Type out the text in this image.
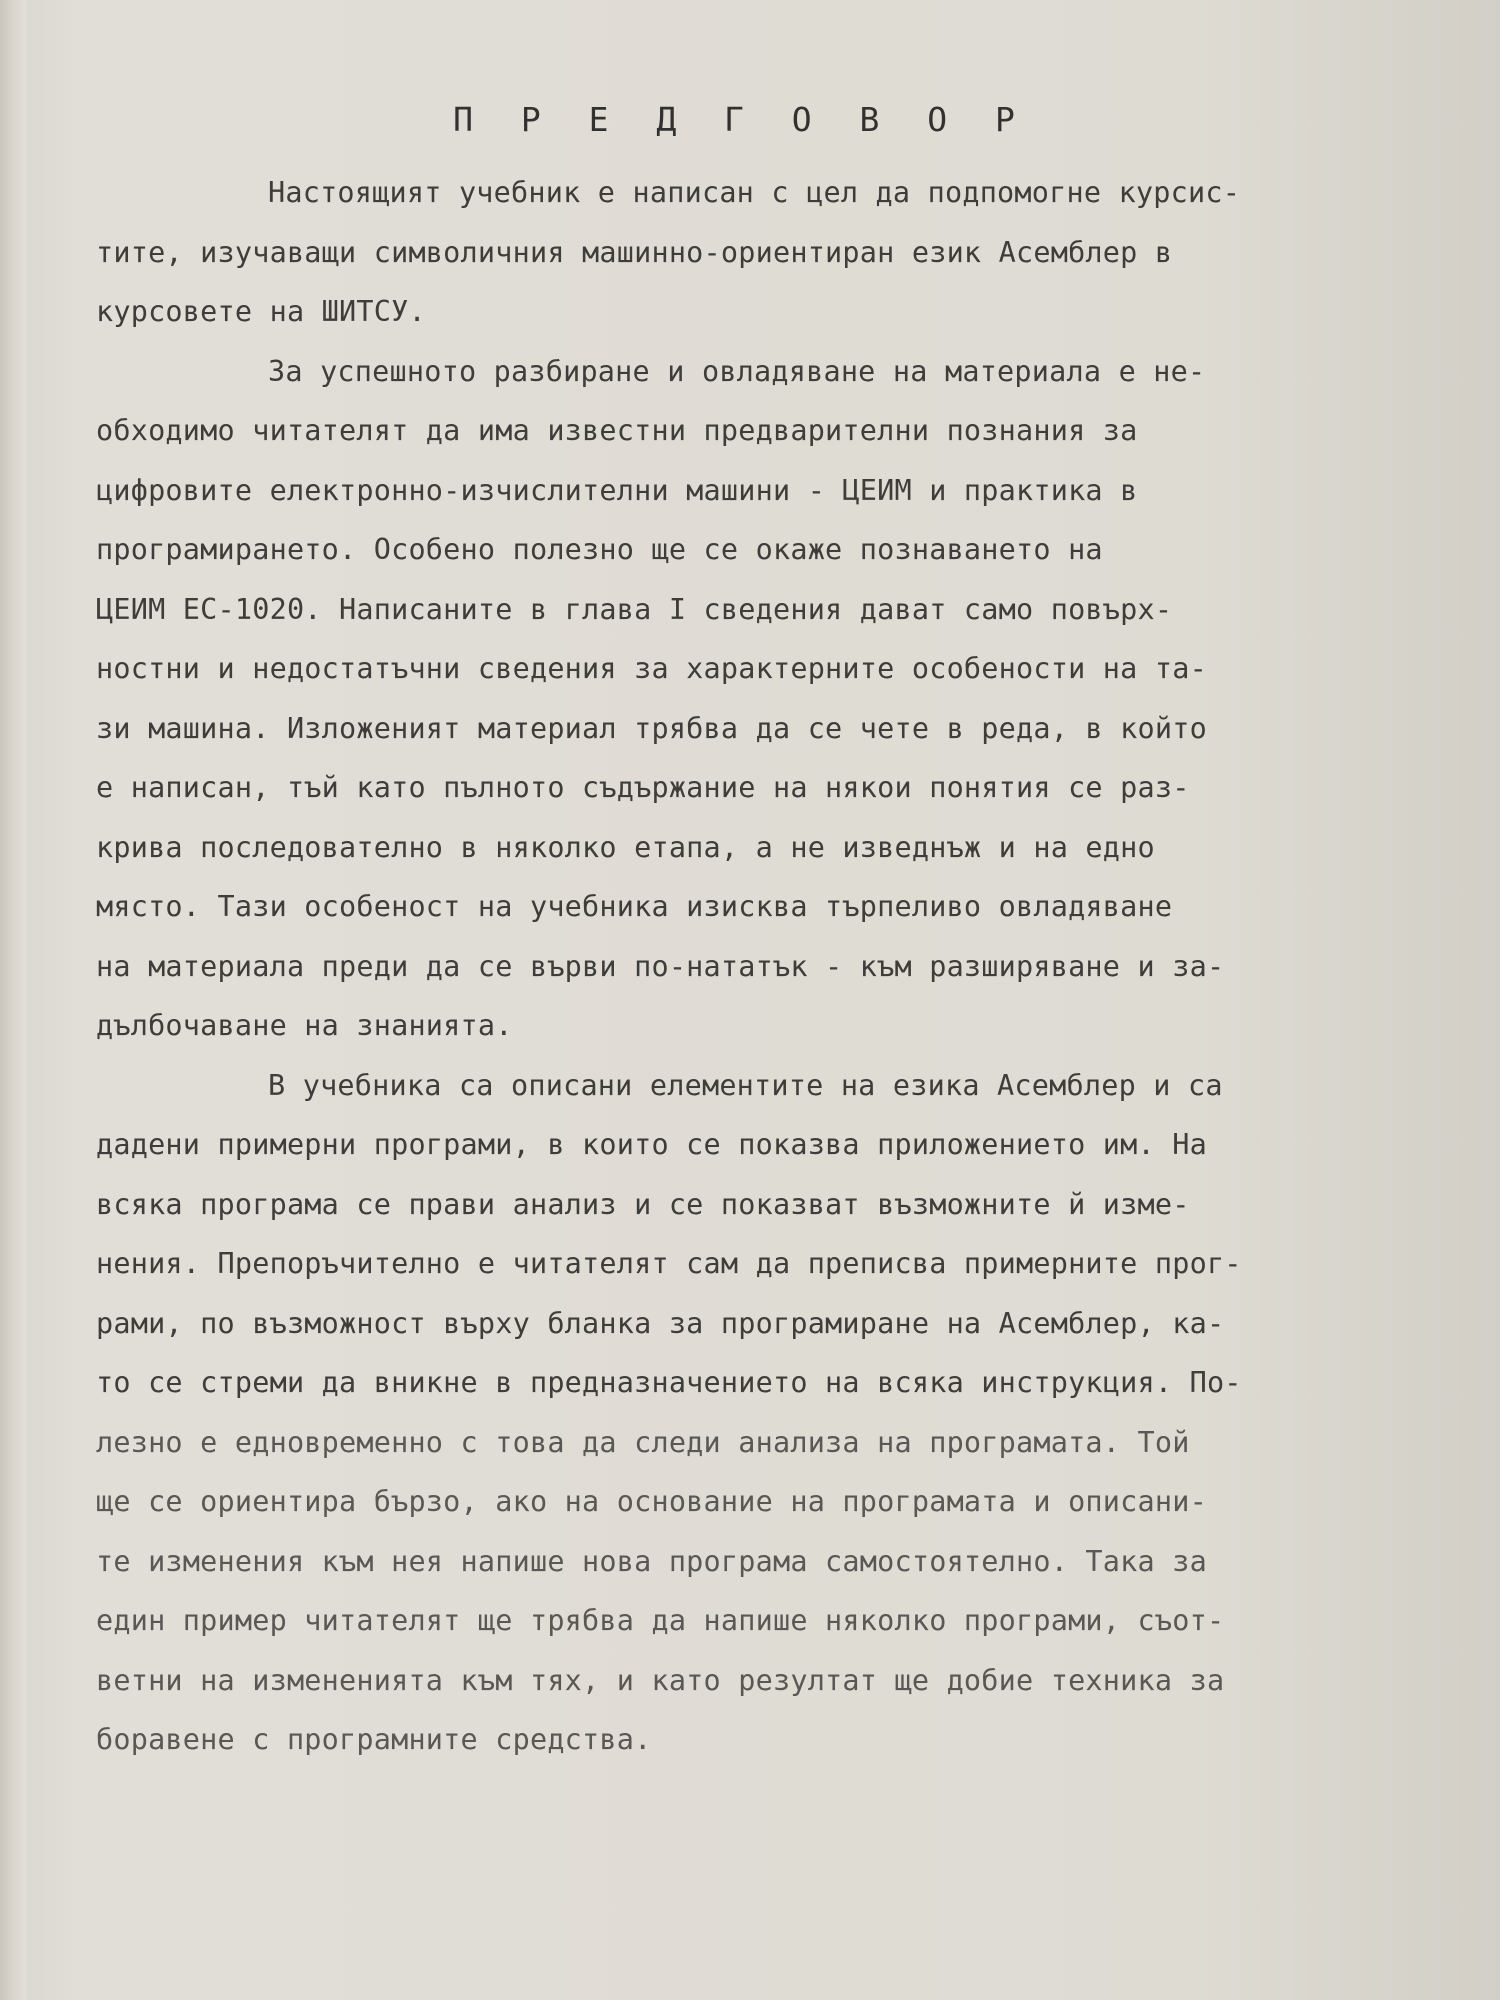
П Р Е Д Г О В О Р
Настоящият учебник е написан с цел да подпомогне курсис-
тите, изучаващи символичния машинно-ориентиран език Асемблер в
курсовете на ШИТСУ.
За успешното разбиране и овладяване на материала е не-
обходимо читателят да има известни предварителни познания за
цифровите електронно-изчислителни машини - ЦЕИМ и практика в
програмирането. Особено полезно ще се окаже познаването на
ЦЕИМ ЕС-1020. Написаните в глава I сведения дават само повърх-
ностни и недостатъчни сведения за характерните особености на та-
зи машина. Изложеният материал трябва да се чете в реда, в който
е написан, тъй като пълното съдържание на някои понятия се раз-
крива последователно в няколко етапа, а не изведнъж и на едно
място. Тази особеност на учебника изисква търпеливо овладяване
на материала преди да се върви по-нататък - към разширяване и за-
дълбочаване на знанията.
В учебника са описани елементите на езика Асемблер и са
дадени примерни програми, в които се показва приложението им. На
всяка програма се прави анализ и се показват възможните й изме-
нения. Препоръчително е читателят сам да преписва примерните прог-
рами, по възможност върху бланка за програмиране на Асемблер, ка-
то се стреми да вникне в предназначението на всяка инструкция. По-
лезно е едновременно с това да следи анализа на програмата. Той
ще се ориентира бързо, ако на основание на програмата и описани-
те изменения към нея напише нова програма самостоятелно. Така за
един пример читателят ще трябва да напише няколко програми, съот-
ветни на измененията към тях, и като резултат ще добие техника за
боравене с програмните средства.
